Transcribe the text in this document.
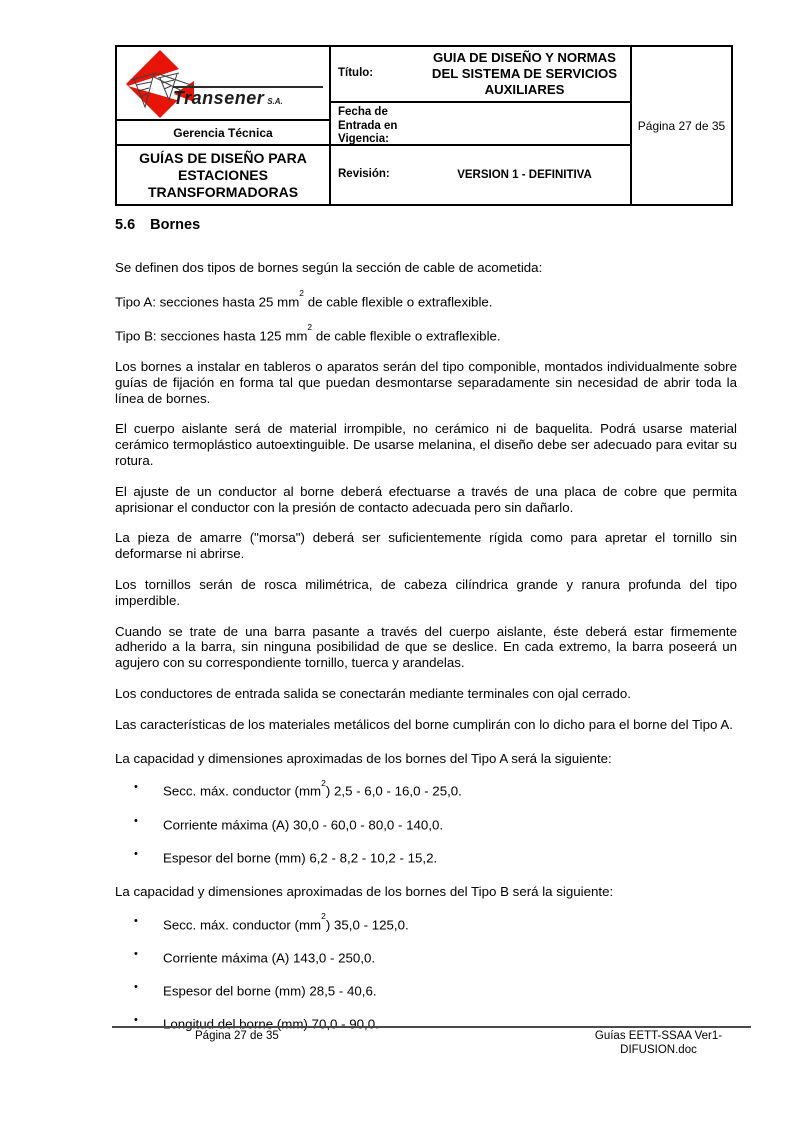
Transener S.A.
Gerencia Técnica
GUÍAS DE DISEÑO PARA ESTACIONES TRANSFORMADORAS
Título:
GUIA DE DISEÑO Y NORMAS DEL SISTEMA DE SERVICIOS AUXILIARES
Fecha de Entrada en Vigencia:
Revisión:	VERSION 1 - DEFINITIVA
Página 27 de 35
5.6 Bornes

Se definen dos tipos de bornes según la sección de cable de acometida:

Tipo A: secciones hasta 25 $mm^2$ de cable flexible o extraflexible.

Tipo B: secciones hasta 125 $mm^2$ de cable flexible o extraflexible.

Los bornes a instalar en tableros o aparatos serán del tipo componible, montados individualmente sobre guías de fijación en forma tal que puedan desmontarse separadamente sin necesidad de abrir toda la línea de bornes.

El cuerpo aislante será de material irrompible, no cerámico ni de baquelita. Podrá usarse material cerámico termoplástico autoextinguible. De usarse melanina, el diseño debe ser adecuado para evitar su rotura.

El ajuste de un conductor al borne deberá efectuarse a través de una placa de cobre que permita aprisionar el conductor con la presión de contacto adecuada pero sin dañarlo.

La pieza de amarre ("morsa") deberá ser suficientemente rígida como para apretar el tornillo sin deformarse ni abrirse.

Los tornillos serán de rosca milimétrica, de cabeza cilíndrica grande y ranura profunda del tipo imperdible.

Cuando se trate de una barra pasante a través del cuerpo aislante, éste deberá estar firmemente adherido a la barra, sin ninguna posibilidad de que se deslice. En cada extremo, la barra poseerá un agujero con su correspondiente tornillo, tuerca y arandelas.

Los conductores de entrada salida se conectarán mediante terminales con ojal cerrado.

Las características de los materiales metálicos del borne cumplirán con lo dicho para el borne del Tipo A.

La capacidad y dimensiones aproximadas de los bornes del Tipo A será la siguiente:

•	Secc. máx. conductor $(mm^2)$ 2,5 - 6,0 - 16,0 - 25,0.
•	Corriente máxima (A) 30,0 - 60,0 - 80,0 - 140,0.
•	Espesor del borne (mm) 6,2 - 8,2 - 10,2 - 15,2.

La capacidad y dimensiones aproximadas de los bornes del Tipo B será la siguiente:

•	Secc. máx. conductor $(mm^2)$ 35,0 - 125,0.
•	Corriente máxima (A) 143,0 - 250,0.
•	Espesor del borne (mm) 28,5 - 40,6.
•	Longitud del borne (mm) 70,0 - 90,0.
Página 27 de 35	Guías EETT-SSAA Ver1-
DIFUSION.doc
